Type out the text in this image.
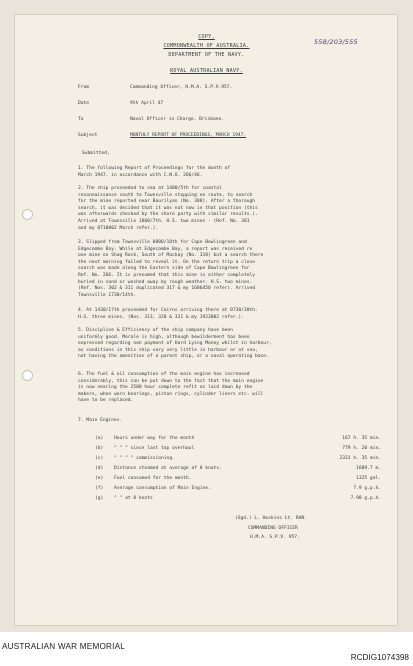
558/203/555
COPY.
COMMONWEALTH OF AUSTRALIA.
DEPARTMENT OF THE NAVY.
ROYAL AUSTRALIAN NAVY.
From	Commanding Officer, H.M.A. S.P.V.957.
Date	9th April 47
To	Naval Officer in Charge, Brisbane.
Subject	MONTHLY REPORT OF PROCEEDINGS, MARCH 1947.
Submitted,

1. The following Report of Proceedings for the month of

March 1947, in accordance with C.N.O. 266/46.

2. The ship proceeded to sea at 1400/5th for coastal

reconnaissance south to Townsville stopping en route, to search

for the mine reported near Bourilyan (No. 300). After a thorough

search, it was decided that it was not now in that position (this

was afterwards checked by the shore party with similar results.).

Arrived at Townsville 1800/7th. H.S. two mines - (Ref. No. 301

and my 0718002 March refer.).

3. Slipped from Townsville 0800/10th for Cape Bowlingreen and

Edgecombe Bay. While at Edgecombe Bay, a report was received re

one mine on Shag Rock, South of Mackay (No. 318) but a search there

the next morning failed to reveal it. On the return trip a close

search was made along the Eastern side of Cape Bowlingreen for

Ref. No. 266. It is presumed that this mine is either completely

buried in sand or washed away by rough weather. H.S. two mines.

(Ref. Nos. 302 & 311 duplicated 317 & my 1606450 refer). Arrived

Townsville 1730/14th.

4. At 1430/17th proceeded for Cairns arriving there at 0730/20th.

H.S. three mines. (Nos. 313, 320 & 321 & my 1923002 refer.).

5. Discipline & Efficiency of the ship company have been

uniformly good. Morale is high, although bewilderment has been

expressed regarding non payment of Hard Lying Money whilst in harbour,

as conditions in this ship vary very little in harbour or at sea,

not having the amenities of a parent ship, or a naval operating base.

6. The fuel & oil consumption of the main engine has increased

considerably, this can be put down to the fact that the main engine

is now nearing the 2500 hour complete refit as laid down by the

makers, when worn bearings, piston rings, cylinder liners etc. will

have to be replaced.

7. Main Engines.

(a) Hours under way for the month	167 h. 35 min.
(b) " " " since last top overhaul	779 h. 20 min.
(c) " " " " commissioning.	2331 h. 35 min.
(d) Distance steamed at average of 8 knots.	1609.7 m.
(e) Fuel consumed for the month.	1325 gal.
(f) Average consumption of Main Engine.	7.9 g.p.h.
(g) " " at 8 knots	7.98 g.p.h.
(Sgd.) L. Hoskins Lt. RAN.
COMMANDING OFFICER
H.M.A. S.P.V. 957.
AUSTRALIAN WAR MEMORIAL
RCDIG1074398
